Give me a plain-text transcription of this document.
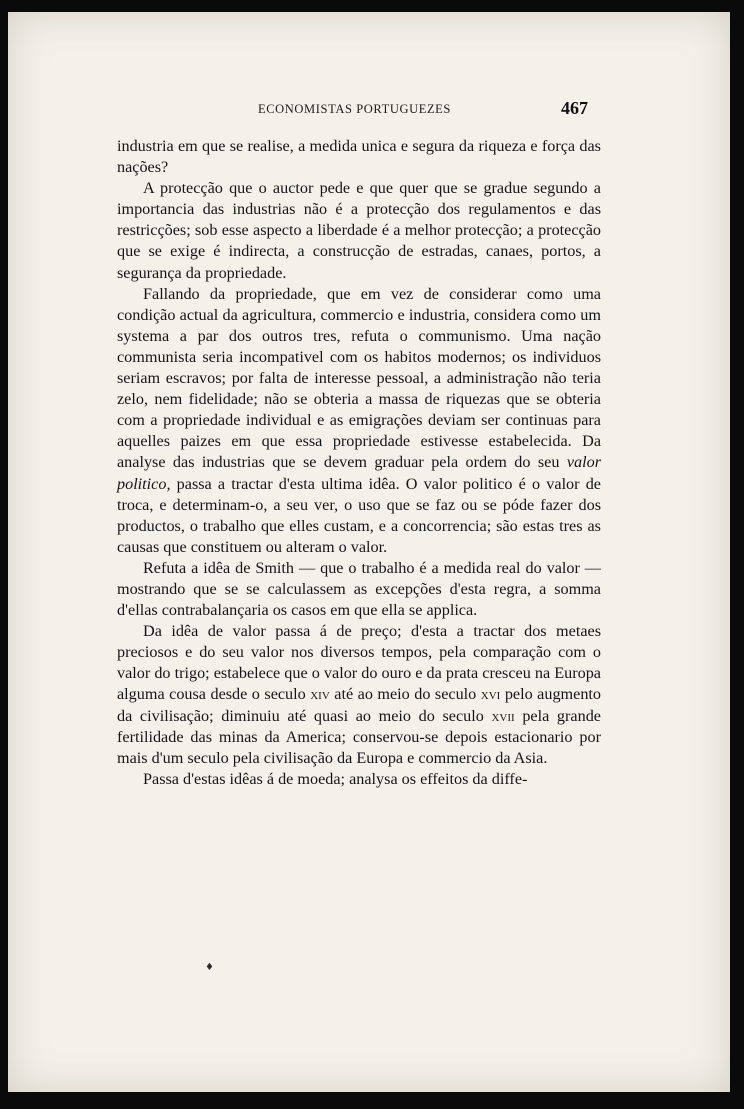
ECONOMISTAS PORTUGUEZES	467

industria em que se realise, a medida unica e segura da riqueza e força das nações?

A protecção que o auctor pede e que quer que se gradue segundo a importancia das industrias não é a protecção dos regulamentos e das restricções; sob esse aspecto a liberdade é a melhor protecção; a protecção que se exige é indirecta, a construcção de estradas, canaes, portos, a segurança da propriedade.

Fallando da propriedade, que em vez de considerar como uma condição actual da agricultura, commercio e industria, considera como um systema a par dos outros tres, refuta o communismo. Uma nação communista seria incompativel com os habitos modernos; os individuos seriam escravos; por falta de interesse pessoal, a administração não teria zelo, nem fidelidade; não se obteria a massa de riquezas que se obteria com a propriedade individual e as emigrações deviam ser continuas para aquelles paizes em que essa propriedade estivesse estabelecida. Da analyse das industrias que se devem graduar pela ordem do seu valor politico, passa a tractar d'esta ultima idêa. O valor politico é o valor de troca, e determinam-o, a seu ver, o uso que se faz ou se póde fazer dos productos, o trabalho que elles custam, e a concorrencia; são estas tres as causas que constituem ou alteram o valor.

Refuta a idêa de Smith — que o trabalho é a medida real do valor — mostrando que se se calculassem as excepções d'esta regra, a somma d'ellas contrabalançaria os casos em que ella se applica.

Da idêa de valor passa á de preço; d'esta a tractar dos metaes preciosos e do seu valor nos diversos tempos, pela comparação com o valor do trigo; estabelece que o valor do ouro e da prata cresceu na Europa alguma cousa desde o seculo xiv até ao meio do seculo xvi pelo augmento da civilisação; diminuiu até quasi ao meio do seculo xvii pela grande fertilidade das minas da America; conservou-se depois estacionario por mais d'um seculo pela civilisação da Europa e commercio da Asia.

Passa d'estas idêas á de moeda; analysa os effeitos da diffe-

♦
